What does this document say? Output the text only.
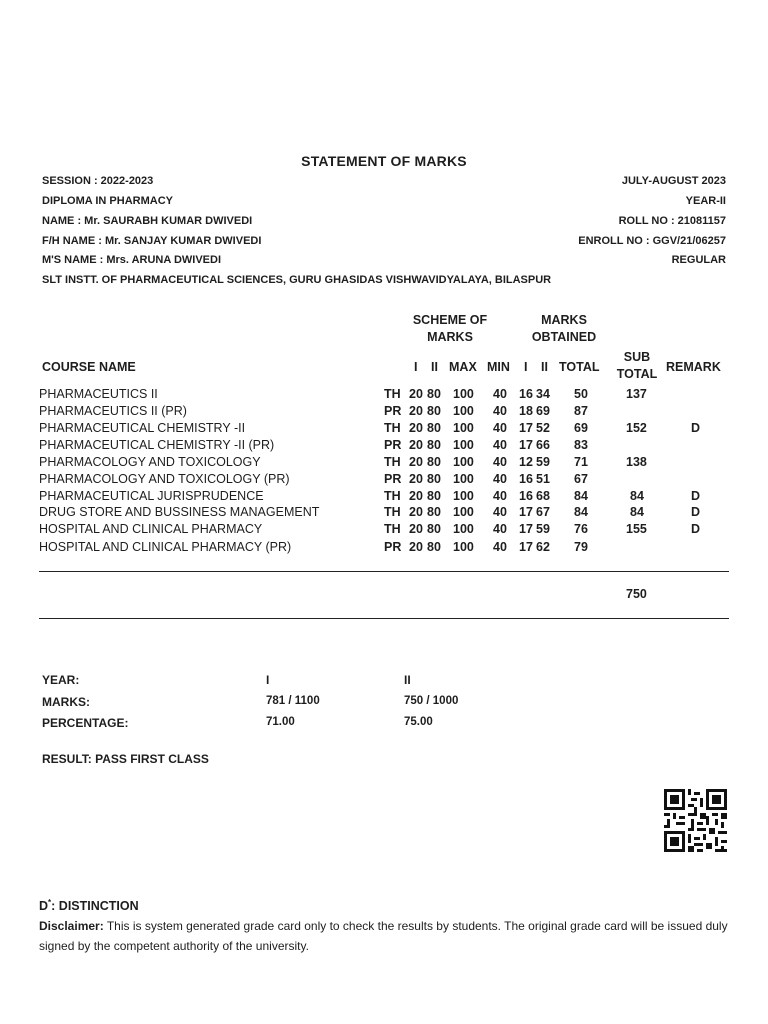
STATEMENT OF MARKS
SESSION : 2022-2023	JULY-AUGUST 2023
DIPLOMA IN PHARMACY	YEAR-II
NAME : Mr. SAURABH KUMAR DWIVEDI	ROLL NO : 21081157
F/H NAME : Mr. SANJAY KUMAR DWIVEDI	ENROLL NO : GGV/21/06257
M'S NAME : Mrs. ARUNA DWIVEDI	REGULAR
SLT INSTT. OF PHARMACEUTICAL SCIENCES, GURU GHASIDAS VISHWAVIDYALAYA, BILASPUR
SCHEME OF
MARKS
MARKS
OBTAINED
SUB
TOTAL
COURSE NAME	I II MAX MIN I II TOTAL	REMARK
PHARMACEUTICS II	TH 20 80 100 40 16 34 50	137
PHARMACEUTICS II (PR)	PR 20 80 100 40 18 69 87
PHARMACEUTICAL CHEMISTRY -II	TH 20 80 100 40 17 52 69	152	D
PHARMACEUTICAL CHEMISTRY -II (PR)	PR 20 80 100 40 17 66 83
PHARMACOLOGY AND TOXICOLOGY	TH 20 80 100 40 12 59 71	138
PHARMACOLOGY AND TOXICOLOGY (PR)	PR 20 80 100 40 16 51 67
PHARMACEUTICAL JURISPRUDENCE	TH 20 80 100 40 16 68 84	84	D
DRUG STORE AND BUSSINESS MANAGEMENT	TH 20 80 100 40 17 67 84	84	D
HOSPITAL AND CLINICAL PHARMACY	TH 20 80 100 40 17 59 76	155	D
HOSPITAL AND CLINICAL PHARMACY (PR)	PR 20 80 100 40 17 62 79
750
YEAR:	I	II
MARKS:	781 / 1100	750 / 1000
PERCENTAGE:	71.00	75.00
RESULT: PASS FIRST CLASS
D*: DISTINCTION
Disclaimer: This is system generated grade card only to check the results by students. The original grade card will be issued duly signed by the competent authority of the university.
